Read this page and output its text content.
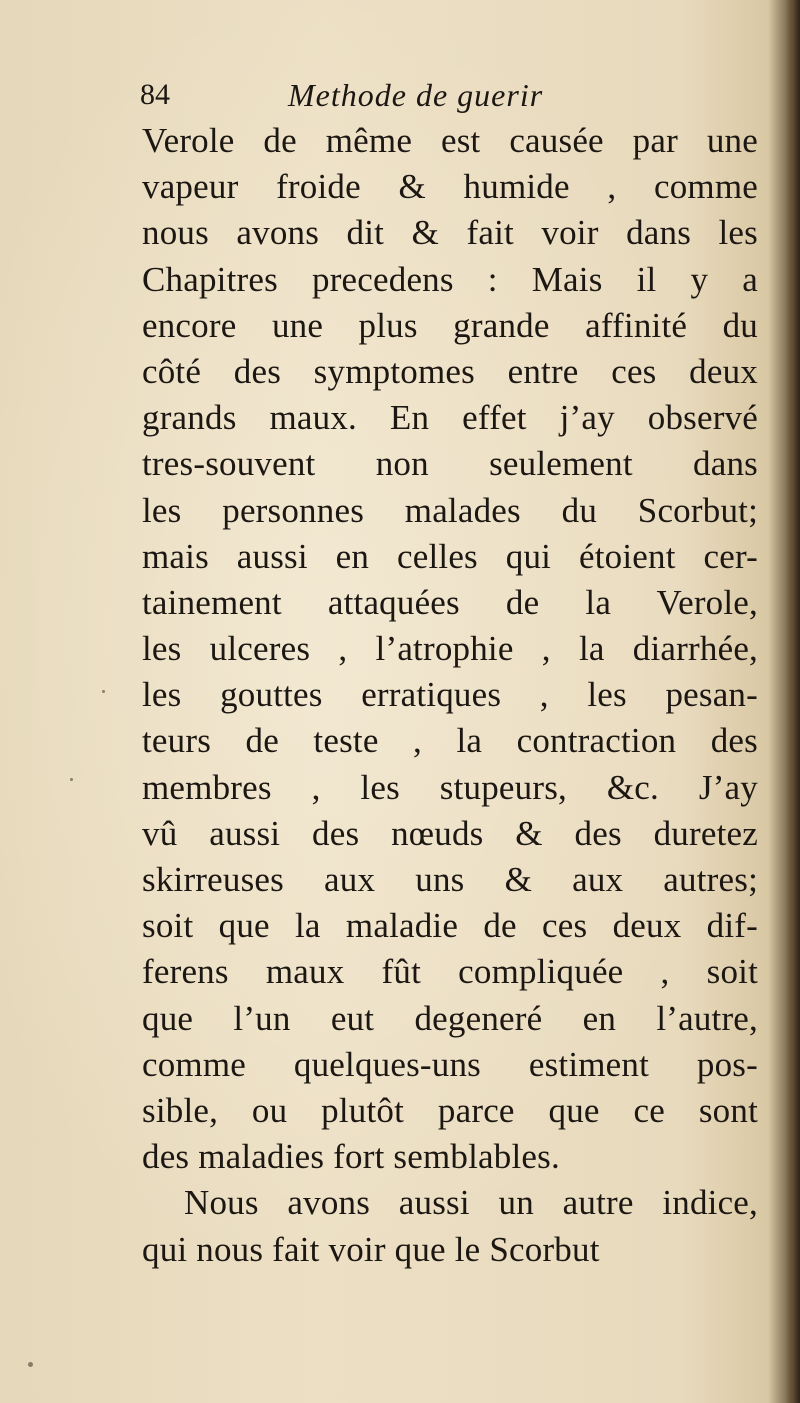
84	Methode de guerir
Verole de même est causée par une
vapeur froide & humide , comme
nous avons dit & fait voir dans les
Chapitres precedens : Mais il y a
encore une plus grande affinité du
côté des symptomes entre ces deux
grands maux. En effet j’ay observé
tres-souvent non seulement dans
les personnes malades du Scorbut;
mais aussi en celles qui étoient cer-
tainement attaquées de la Verole,
les ulceres , l’atrophie , la diarrhée,
les gouttes erratiques , les pesan-
teurs de teste , la contraction des
membres , les stupeurs, &c. J’ay
vû aussi des nœuds & des duretez
skirreuses aux uns & aux autres;
soit que la maladie de ces deux dif-
ferens maux fût compliquée , soit
que l’un eut degeneré en l’autre,
comme quelques-uns estiment pos-
sible, ou plutôt parce que ce sont
des maladies fort semblables.
Nous avons aussi un autre indice,
qui nous fait voir que le Scorbut
